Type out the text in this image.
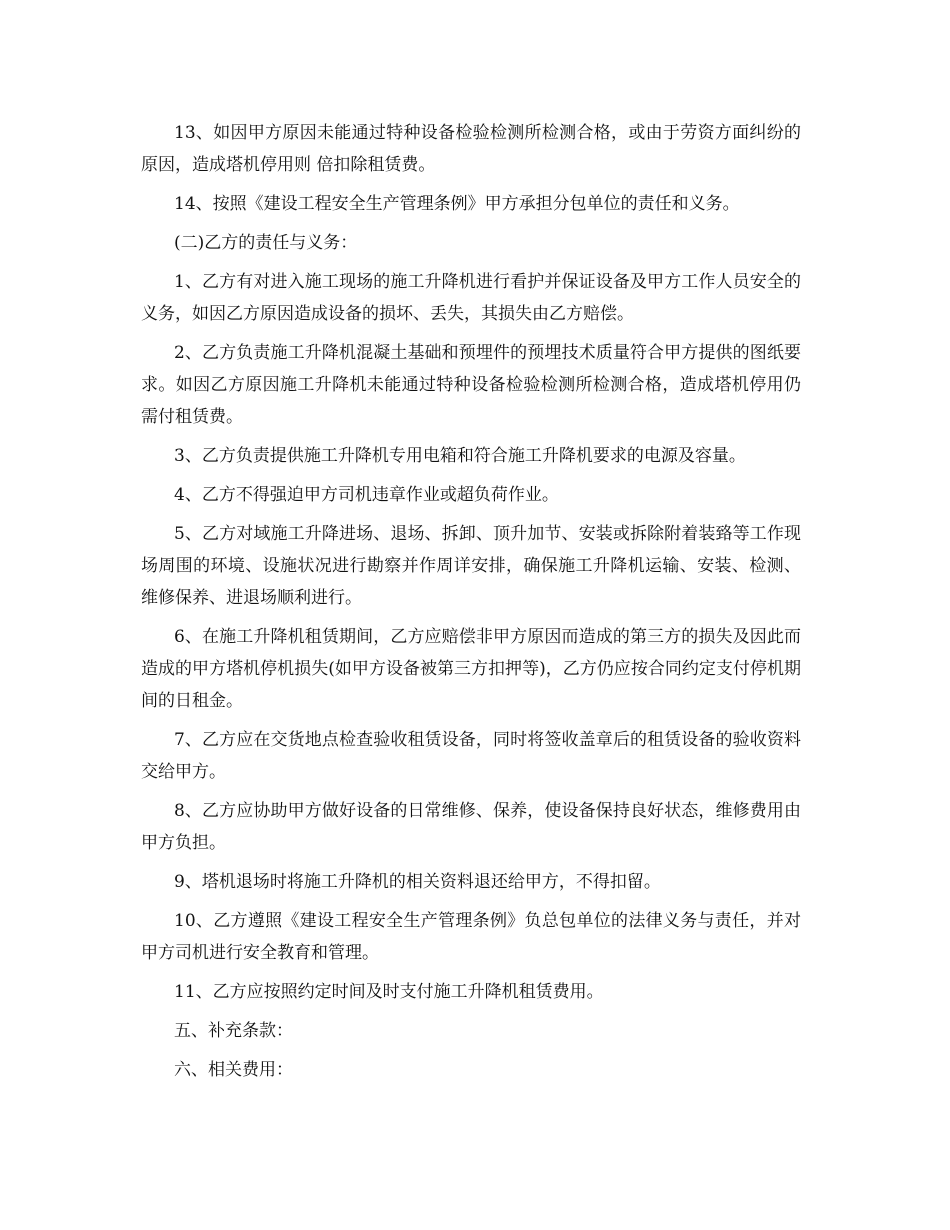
13、如因甲方原因未能通过特种设备检验检测所检测合格，或由于劳资方面纠纷的原因，造成塔机停用则 倍扣除租赁费。

14、按照《建设工程安全生产管理条例》甲方承担分包单位的责任和义务。

(二)乙方的责任与义务：

1、乙方有对进入施工现场的施工升降机进行看护并保证设备及甲方工作人员安全的义务，如因乙方原因造成设备的损坏、丢失，其损失由乙方赔偿。

2、乙方负责施工升降机混凝土基础和预埋件的预埋技术质量符合甲方提供的图纸要求。如因乙方原因施工升降机未能通过特种设备检验检测所检测合格，造成塔机停用仍需付租赁费。

3、乙方负责提供施工升降机专用电箱和符合施工升降机要求的电源及容量。

4、乙方不得强迫甲方司机违章作业或超负荷作业。

5、乙方对域施工升降进场、退场、拆卸、顶升加节、安装或拆除附着装臵等工作现场周围的环境、设施状况进行勘察并作周详安排，确保施工升降机运输、安装、检测、维修保养、进退场顺利进行。

6、在施工升降机租赁期间，乙方应赔偿非甲方原因而造成的第三方的损失及因此而造成的甲方塔机停机损失(如甲方设备被第三方扣押等)，乙方仍应按合同约定支付停机期间的日租金。

7、乙方应在交货地点检查验收租赁设备，同时将签收盖章后的租赁设备的验收资料交给甲方。

8、乙方应协助甲方做好设备的日常维修、保养，使设备保持良好状态，维修费用由甲方负担。

9、塔机退场时将施工升降机的相关资料退还给甲方，不得扣留。

10、乙方遵照《建设工程安全生产管理条例》负总包单位的法律义务与责任，并对甲方司机进行安全教育和管理。

11、乙方应按照约定时间及时支付施工升降机租赁费用。

五、补充条款：

六、相关费用：
